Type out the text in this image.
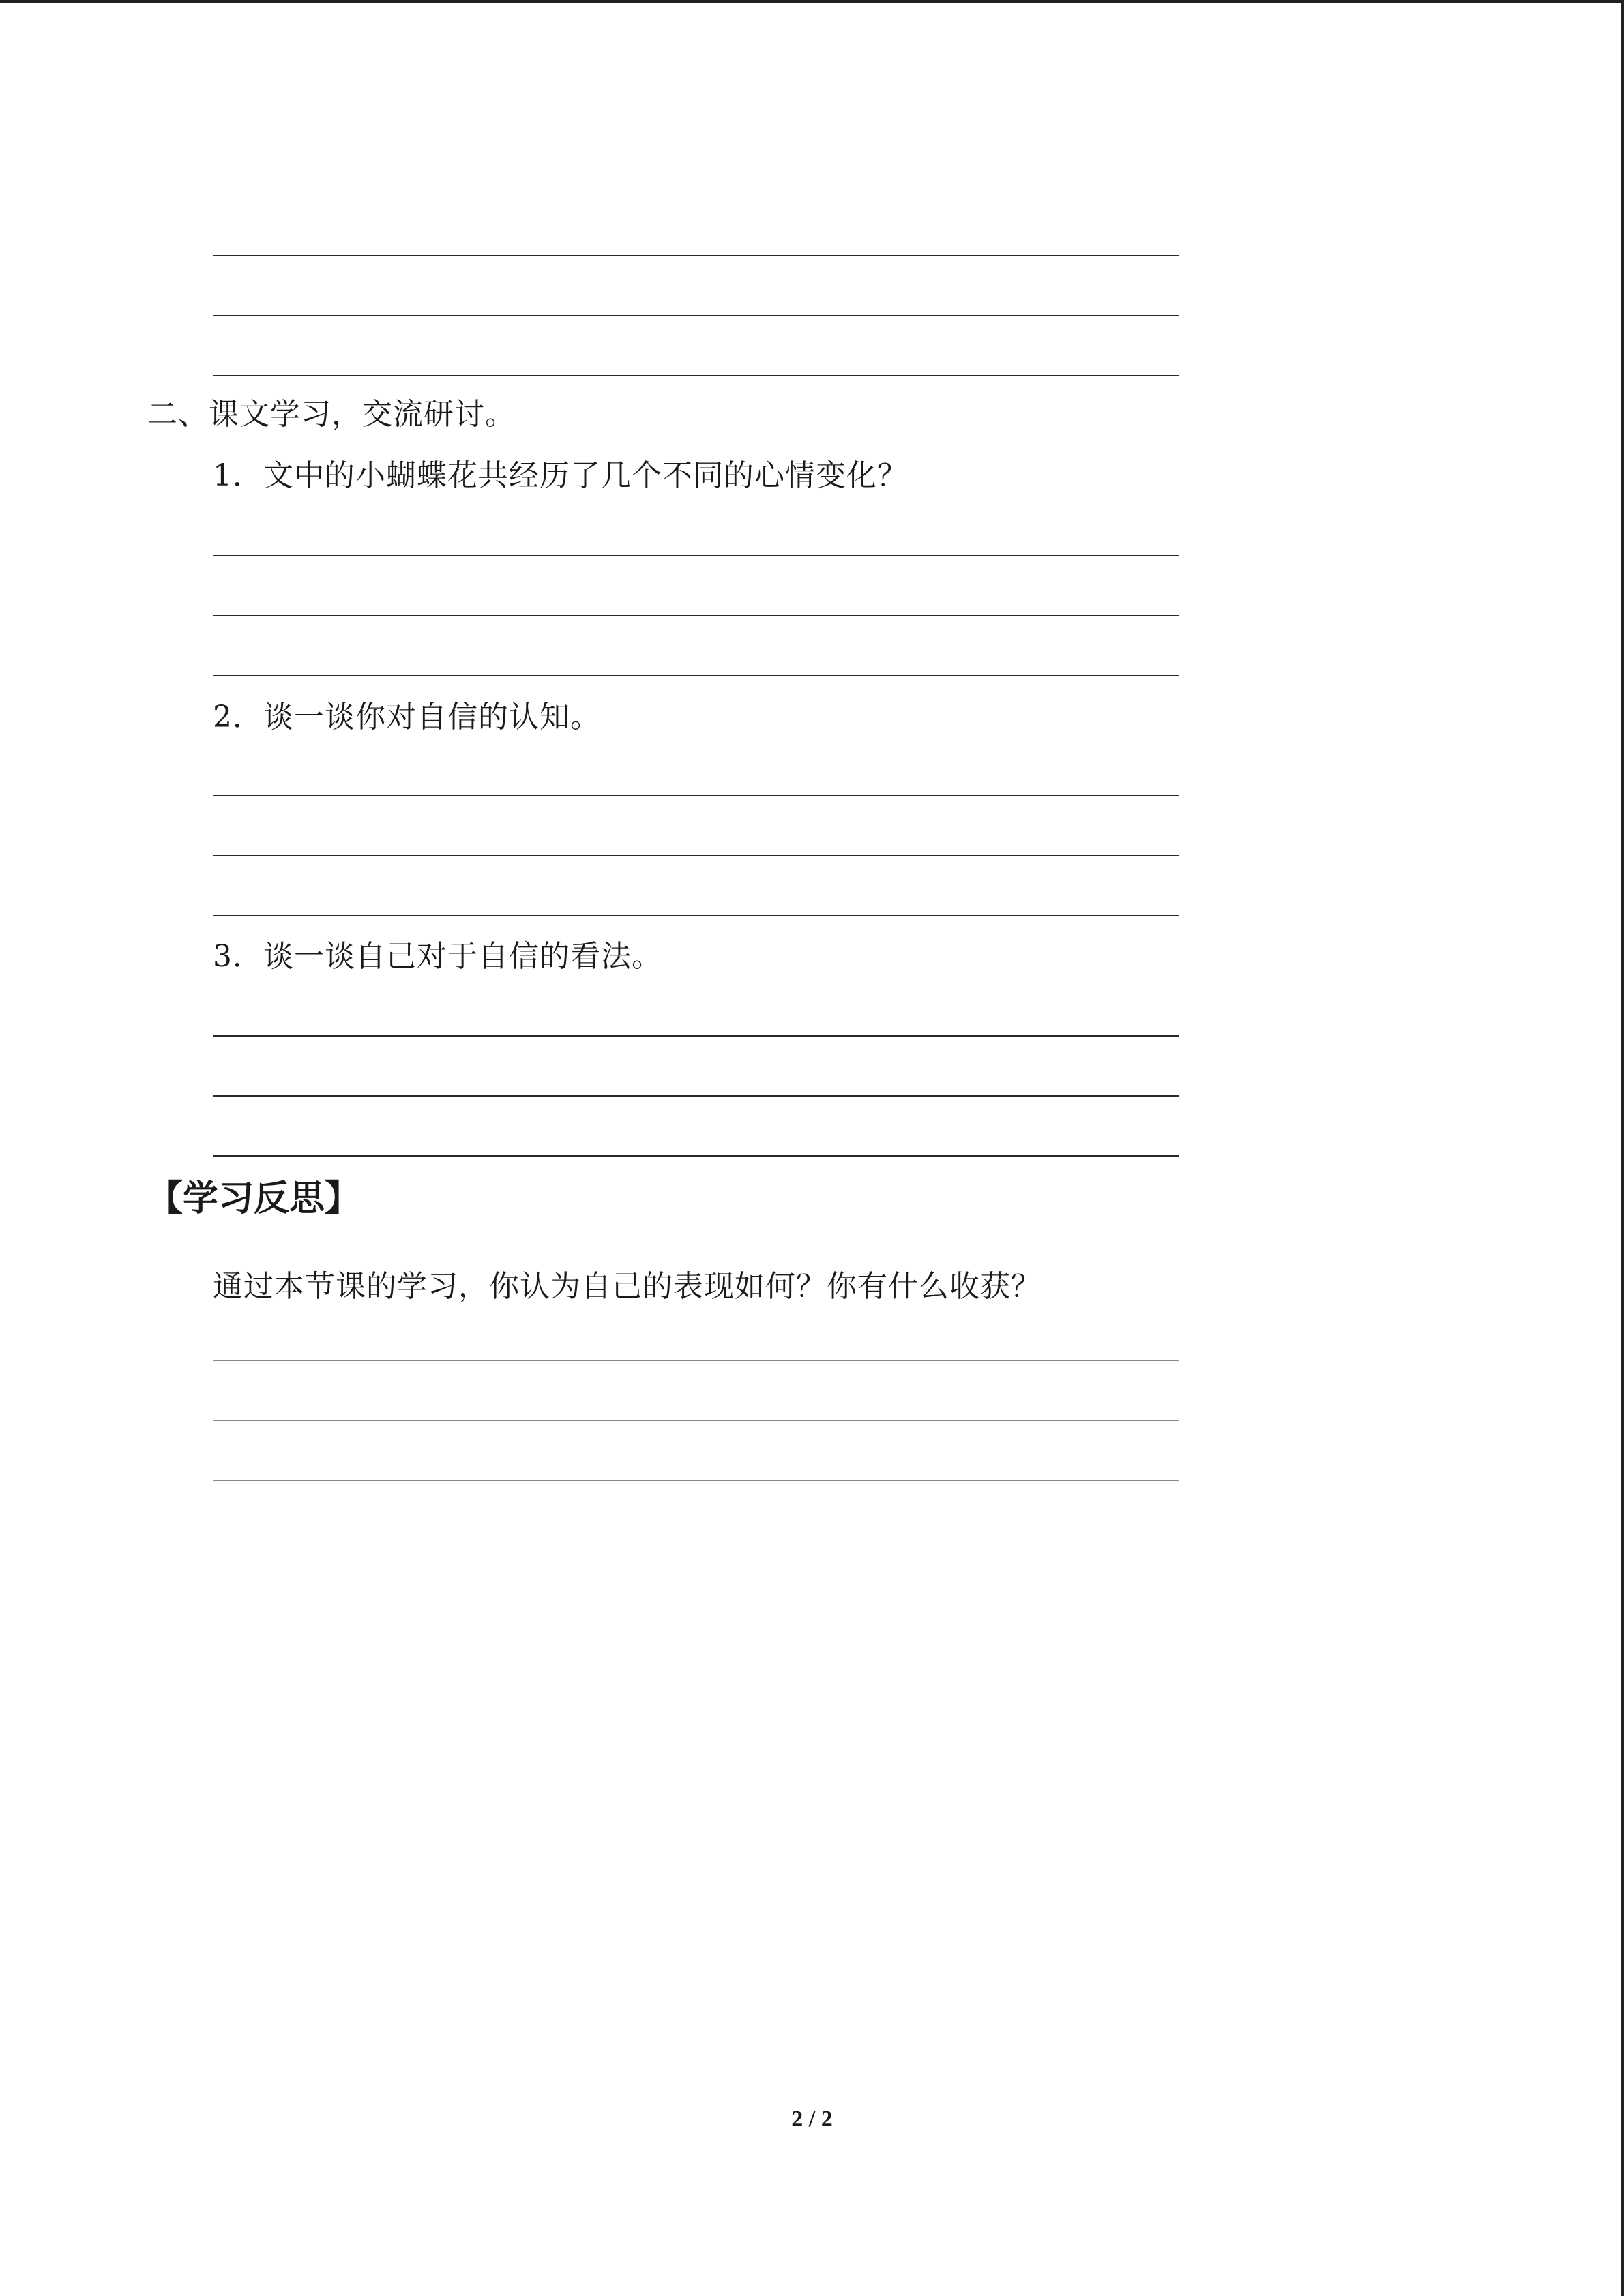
二、课文学习，交流研讨。
1．文中的小蝴蝶花共经历了几个不同的心情变化？
2．谈一谈你对自信的认知。
3．谈一谈自己对于自信的看法。
【学习反思】
通过本节课的学习，你认为自己的表现如何？你有什么收获？
2 / 2
